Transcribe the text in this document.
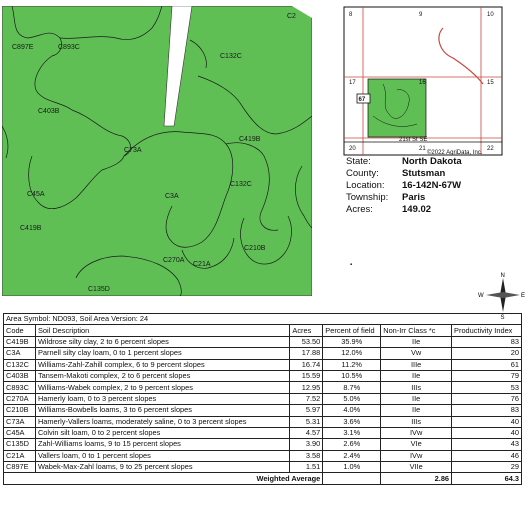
C2
C897E	C893C
C132C
C403B
C419B
C73A
C132C
C3A
C45A
C419B
C210B
C270A
C21A
C135D
8	9	10
17	16	15
20	21	22
67
21st St SE
©2022 AgriData, Inc.
State:	North Dakota
County:	Stutsman
Location:	16-142N-67W
Township:	Paris
Acres:	149.02
▪
N
S
E
W
Area Symbol: ND093, Soil Area Version: 24					
Code	Soil Description	Acres	Percent of field	Non-Irr Class *c	Productivity Index
C419B	Wildrose silty clay, 2 to 6 percent slopes	53.50	35.9%	IIe	83
C3A	Parnell silty clay loam, 0 to 1 percent slopes	17.88	12.0%	Vw	20
C132C	Williams-Zahl-Zahill complex, 6 to 9 percent slopes	16.74	11.2%	IIIe	61
C403B	Tansem-Makoti complex, 2 to 6 percent slopes	15.59	10.5%	IIe	79
C893C	Williams-Wabek complex, 2 to 9 percent slopes	12.95	8.7%	IIIs	53
C270A	Hamerly loam, 0 to 3 percent slopes	7.52	5.0%	IIe	76
C210B	Williams-Bowbells loams, 3 to 6 percent slopes	5.97	4.0%	IIe	83
C73A	Hamerly-Vallers loams, moderately saline, 0 to 3 percent slopes	5.31	3.6%	IIIs	40
C45A	Colvin silt loam, 0 to 2 percent slopes	4.57	3.1%	IVw	40
C135D	Zahl-Williams loams, 9 to 15 percent slopes	3.90	2.6%	VIe	43
C21A	Vallers loam, 0 to 1 percent slopes	3.58	2.4%	IVw	46
C897E	Wabek-Max-Zahl loams, 9 to 25 percent slopes	1.51	1.0%	VIIe	29
Weighted Average				2.86	64.3
